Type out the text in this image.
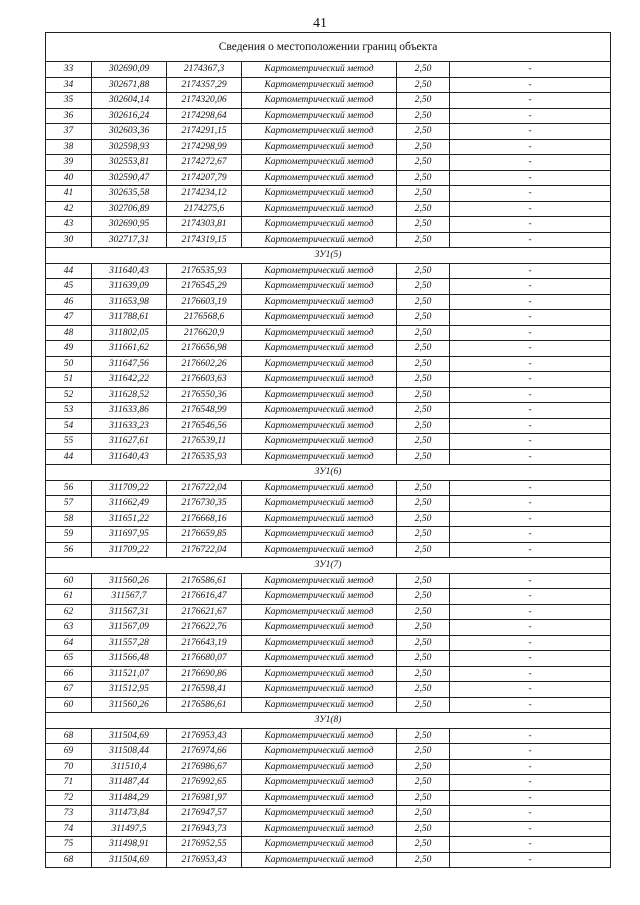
41
Сведения о местоположении границ объекта					
33	302690,09	2174367,3	Картометрический метод	2,50	-
34	302671,88	2174357,29	Картометрический метод	2,50	-
35	302604,14	2174320,06	Картометрический метод	2,50	-
36	302616,24	2174298,64	Картометрический метод	2,50	-
37	302603,36	2174291,15	Картометрический метод	2,50	-
38	302598,93	2174298,99	Картометрический метод	2,50	-
39	302553,81	2174272,67	Картометрический метод	2,50	-
40	302590,47	2174207,79	Картометрический метод	2,50	-
41	302635,58	2174234,12	Картометрический метод	2,50	-
42	302706,89	2174275,6	Картометрический метод	2,50	-
43	302690,95	2174303,81	Картометрический метод	2,50	-
30	302717,31	2174319,15	Картометрический метод	2,50	-
ЗУ1(5)					
44	311640,43	2176535,93	Картометрический метод	2,50	-
45	311639,09	2176545,29	Картометрический метод	2,50	-
46	311653,98	2176603,19	Картометрический метод	2,50	-
47	311788,61	2176568,6	Картометрический метод	2,50	-
48	311802,05	2176620,9	Картометрический метод	2,50	-
49	311661,62	2176656,98	Картометрический метод	2,50	-
50	311647,56	2176602,26	Картометрический метод	2,50	-
51	311642,22	2176603,63	Картометрический метод	2,50	-
52	311628,52	2176550,36	Картометрический метод	2,50	-
53	311633,86	2176548,99	Картометрический метод	2,50	-
54	311633,23	2176546,56	Картометрический метод	2,50	-
55	311627,61	2176539,11	Картометрический метод	2,50	-
44	311640,43	2176535,93	Картометрический метод	2,50	-
ЗУ1(6)					
56	311709,22	2176722,04	Картометрический метод	2,50	-
57	311662,49	2176730,35	Картометрический метод	2,50	-
58	311651,22	2176668,16	Картометрический метод	2,50	-
59	311697,95	2176659,85	Картометрический метод	2,50	-
56	311709,22	2176722,04	Картометрический метод	2,50	-
ЗУ1(7)					
60	311560,26	2176586,61	Картометрический метод	2,50	-
61	311567,7	2176616,47	Картометрический метод	2,50	-
62	311567,31	2176621,67	Картометрический метод	2,50	-
63	311567,09	2176622,76	Картометрический метод	2,50	-
64	311557,28	2176643,19	Картометрический метод	2,50	-
65	311566,48	2176680,07	Картометрический метод	2,50	-
66	311521,07	2176690,86	Картометрический метод	2,50	-
67	311512,95	2176598,41	Картометрический метод	2,50	-
60	311560,26	2176586,61	Картометрический метод	2,50	-
ЗУ1(8)					
68	311504,69	2176953,43	Картометрический метод	2,50	-
69	311508,44	2176974,66	Картометрический метод	2,50	-
70	311510,4	2176986,67	Картометрический метод	2,50	-
71	311487,44	2176992,65	Картометрический метод	2,50	-
72	311484,29	2176981,97	Картометрический метод	2,50	-
73	311473,84	2176947,57	Картометрический метод	2,50	-
74	311497,5	2176943,73	Картометрический метод	2,50	-
75	311498,91	2176952,55	Картометрический метод	2,50	-
68	311504,69	2176953,43	Картометрический метод	2,50	-
